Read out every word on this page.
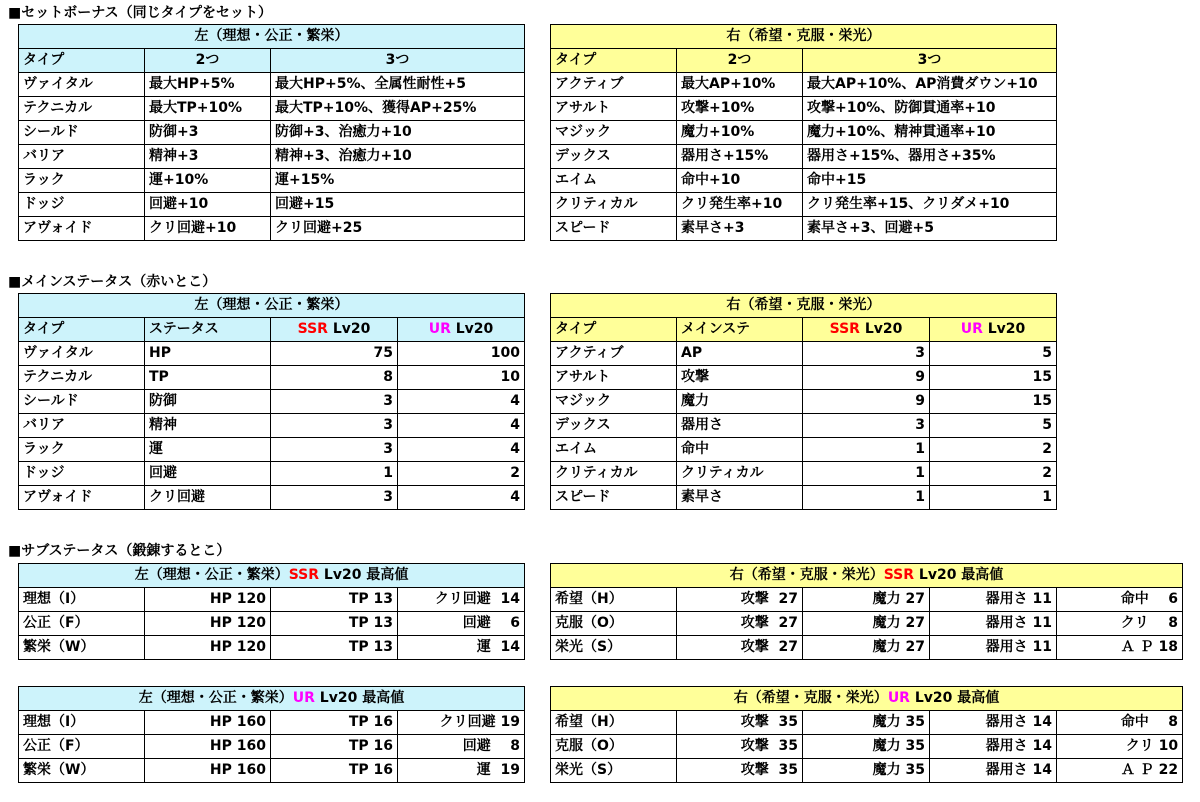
■セットボーナス（同じタイプをセット）
左（理想・公正・繁栄）		
タイプ	2つ	3つ
ヴァイタル	最大HP+5%	最大HP+5%、全属性耐性+5
テクニカル	最大TP+10%	最大TP+10%、獲得AP+25%
シールド	防御+3	防御+3、治癒力+10
バリア	精神+3	精神+3、治癒力+10
ラック	運+10%	運+15%
ドッジ	回避+10	回避+15
アヴォイド	クリ回避+10	クリ回避+25
右（希望・克服・栄光）		
タイプ	2つ	3つ
アクティブ	最大AP+10%	最大AP+10%、AP消費ダウン+10
アサルト	攻撃+10%	攻撃+10%、防御貫通率+10
マジック	魔力+10%	魔力+10%、精神貫通率+10
デックス	器用さ+15%	器用さ+15%、器用さ+35%
エイム	命中+10	命中+15
クリティカル	クリ発生率+10	クリ発生率+15、クリダメ+10
スピード	素早さ+3	素早さ+3、回避+5
■メインステータス（赤いとこ）
左（理想・公正・繁栄）			
タイプ	ステータス	SSR Lv20	UR Lv20
ヴァイタル	HP	75	100
テクニカル	TP	8	10
シールド	防御	3	4
バリア	精神	3	4
ラック	運	3	4
ドッジ	回避	1	2
アヴォイド	クリ回避	3	4
右（希望・克服・栄光）			
タイプ	メインステ	SSR Lv20	UR Lv20
アクティブ	AP	3	5
アサルト	攻撃	9	15
マジック	魔力	9	15
デックス	器用さ	3	5
エイム	命中	1	2
クリティカル	クリティカル	1	2
スピード	素早さ	1	1
■サブステータス（鍛錬するとこ）
左（理想・公正・繁栄）SSR Lv20 最高値			
理想（I）	HP 120	TP 13	クリ回避  14
公正（F）	HP 120	TP 13	回避    6
繁栄（W）	HP 120	TP 13	運  14
右（希望・克服・栄光）SSR Lv20 最高値				
希望（H）	攻撃  27	魔力 27	器用さ 11	命中    6
克服（O）	攻撃  27	魔力 27	器用さ 11	クリ    8
栄光（S）	攻撃  27	魔力 27	器用さ 11	Ａ Ｐ 18
左（理想・公正・繁栄）UR Lv20 最高値			
理想（I）	HP 160	TP 16	クリ回避 19
公正（F）	HP 160	TP 16	回避    8
繁栄（W）	HP 160	TP 16	運  19
右（希望・克服・栄光）UR Lv20 最高値				
希望（H）	攻撃  35	魔力 35	器用さ 14	命中    8
克服（O）	攻撃  35	魔力 35	器用さ 14	クリ 10
栄光（S）	攻撃  35	魔力 35	器用さ 14	Ａ Ｐ 22
